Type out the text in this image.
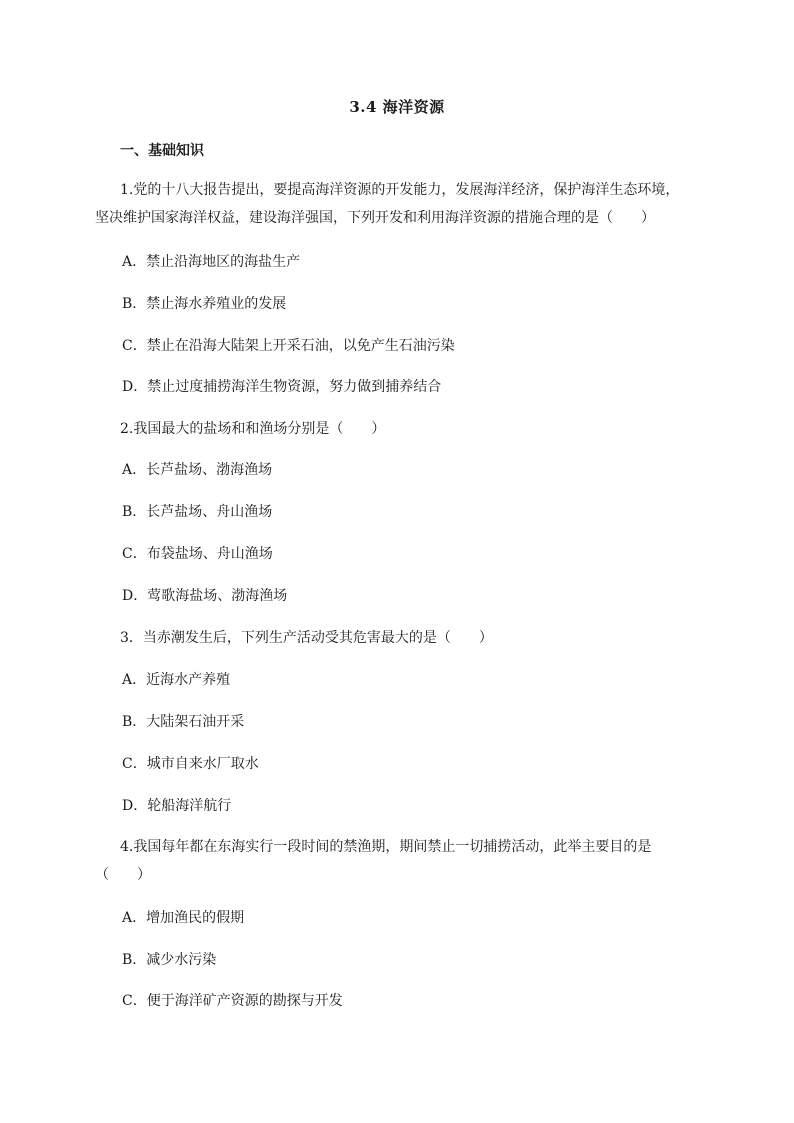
3.4 海洋资源
一、基础知识
1.党的十八大报告提出，要提高海洋资源的开发能力，发展海洋经济，保护海洋生态环境，
坚决维护国家海洋权益，建设海洋强国，下列开发和利用海洋资源的措施合理的是（　　）
A．禁止沿海地区的海盐生产
B．禁止海水养殖业的发展
C．禁止在沿海大陆架上开采石油，以免产生石油污染
D．禁止过度捕捞海洋生物资源，努力做到捕养结合
2.我国最大的盐场和和渔场分别是（　　）
A．长芦盐场、渤海渔场
B．长芦盐场、舟山渔场
C．布袋盐场、舟山渔场
D．莺歌海盐场、渤海渔场
3．当赤潮发生后，下列生产活动受其危害最大的是（　　）
A．近海水产养殖
B．大陆架石油开采
C．城市自来水厂取水
D．轮船海洋航行
4.我国每年都在东海实行一段时间的禁渔期，期间禁止一切捕捞活动，此举主要目的是
（　　）
A．增加渔民的假期
B．减少水污染
C．便于海洋矿产资源的勘探与开发
